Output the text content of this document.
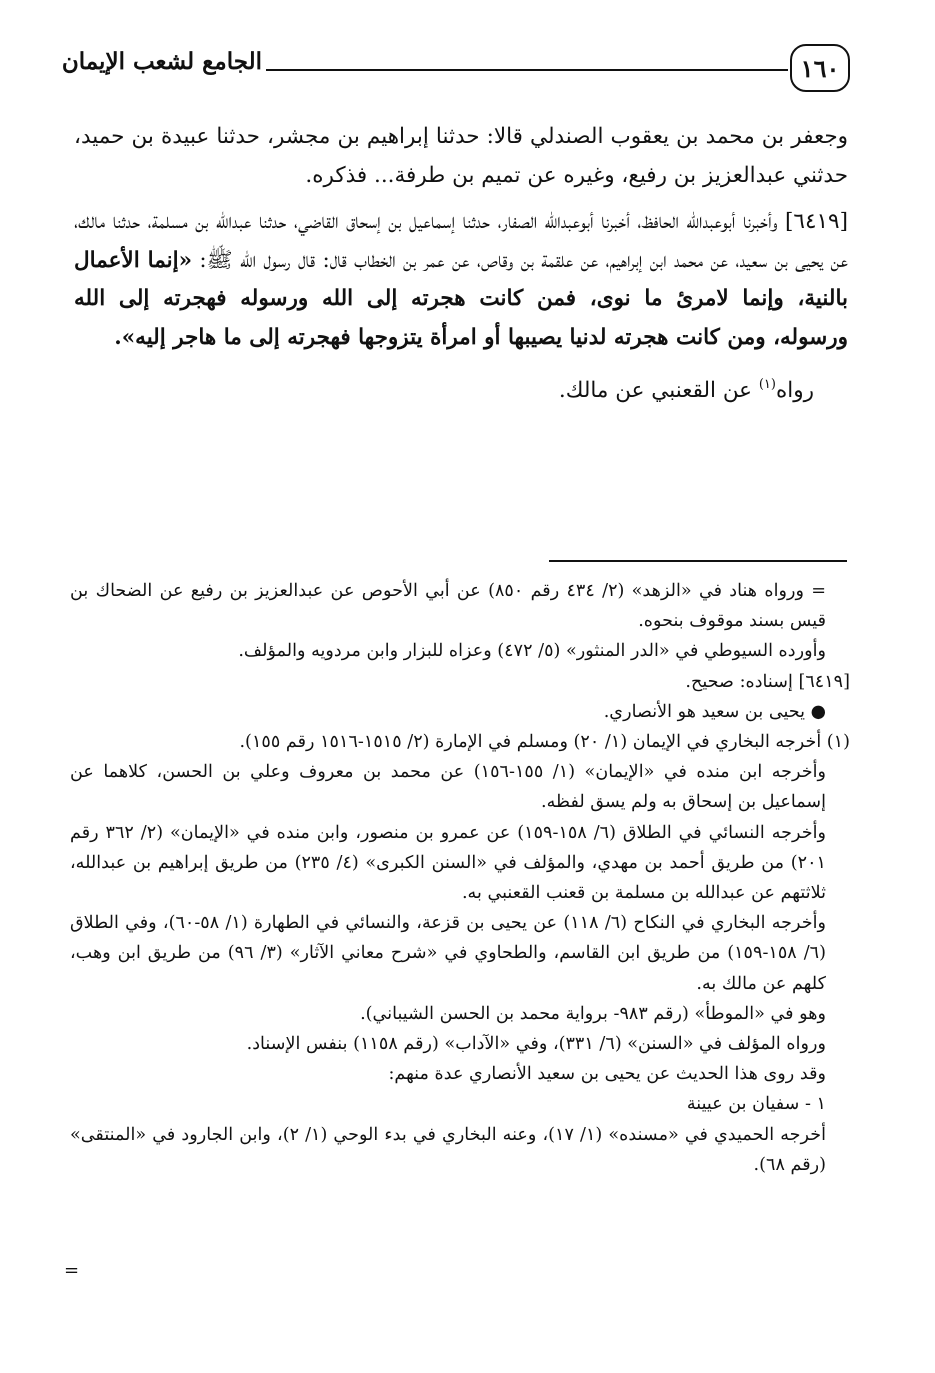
١٦٠
الجامع لشعب الإيمان

وجعفر بن محمد بن يعقوب الصندلي قالا: حدثنا إبراهيم بن مجشر، حدثنا عبيدة بن حميد، حدثني عبدالعزيز بن رفيع، وغيره عن تميم بن طرفة... فذكره.

[٦٤١٩] وأخبرنا أبوعبدالله الحافظ، أخبرنا أبوعبدالله الصفار، حدثنا إسماعيل بن إسحاق القاضي، حدثنا عبدالله بن مسلمة، حدثنا مالك، عن يحيى بن سعيد، عن محمد ابن إبراهيم، عن علقمة بن وقاص، عن عمر بن الخطاب قال: قال رسول الله ﷺ: «إنما الأعمال بالنية، وإنما لامرئ ما نوى، فمن كانت هجرته إلى الله ورسوله فهجرته إلى الله ورسوله، ومن كانت هجرته لدنيا يصيبها أو امرأة يتزوجها فهجرته إلى ما هاجر إليه».

رواه$^{(١)}$ عن القعنبي عن مالك.

= ورواه هناد في «الزهد» (٢/ ٤٣٤ رقم ٨٥٠) عن أبي الأحوص عن عبدالعزيز بن رفيع عن الضحاك بن قيس بسند موقوف بنحوه.

وأورده السيوطي في «الدر المنثور» (٥/ ٤٧٢) وعزاه للبزار وابن مردويه والمؤلف.

[٦٤١٩] إسناده: صحيح.

● يحيى بن سعيد هو الأنصاري.

(١) أخرجه البخاري في الإيمان (١/ ٢٠) ومسلم في الإمارة (٢/ ١٥١٥-١٥١٦ رقم ١٥٥).

وأخرجه ابن منده في «الإيمان» (١/ ١٥٥-١٥٦) عن محمد بن معروف وعلي بن الحسن، كلاهما عن إسماعيل بن إسحاق به ولم يسق لفظه.

وأخرجه النسائي في الطلاق (٦/ ١٥٨-١٥٩) عن عمرو بن منصور، وابن منده في «الإيمان» (٢/ ٣٦٢ رقم ٢٠١) من طريق أحمد بن مهدي، والمؤلف في «السنن الكبرى» (٤/ ٢٣٥) من طريق إبراهيم بن عبدالله، ثلاثتهم عن عبدالله بن مسلمة بن قعنب القعنبي به.

وأخرجه البخاري في النكاح (٦/ ١١٨) عن يحيى بن قزعة، والنسائي في الطهارة (١/ ٥٨-٦٠)، وفي الطلاق (٦/ ١٥٨-١٥٩) من طريق ابن القاسم، والطحاوي في «شرح معاني الآثار» (٣/ ٩٦) من طريق ابن وهب، كلهم عن مالك به.

وهو في «الموطأ» (رقم ٩٨٣- برواية محمد بن الحسن الشيباني).

ورواه المؤلف في «السنن» (٦/ ٣٣١)، وفي «الآداب» (رقم ١١٥٨) بنفس الإسناد.

وقد روى هذا الحديث عن يحيى بن سعيد الأنصاري عدة منهم:

١ - سفيان بن عيينة

أخرجه الحميدي في «مسنده» (١/ ١٧)، وعنه البخاري في بدء الوحي (١/ ٢)، وابن الجارود في «المنتقى» (رقم ٦٨).

=
